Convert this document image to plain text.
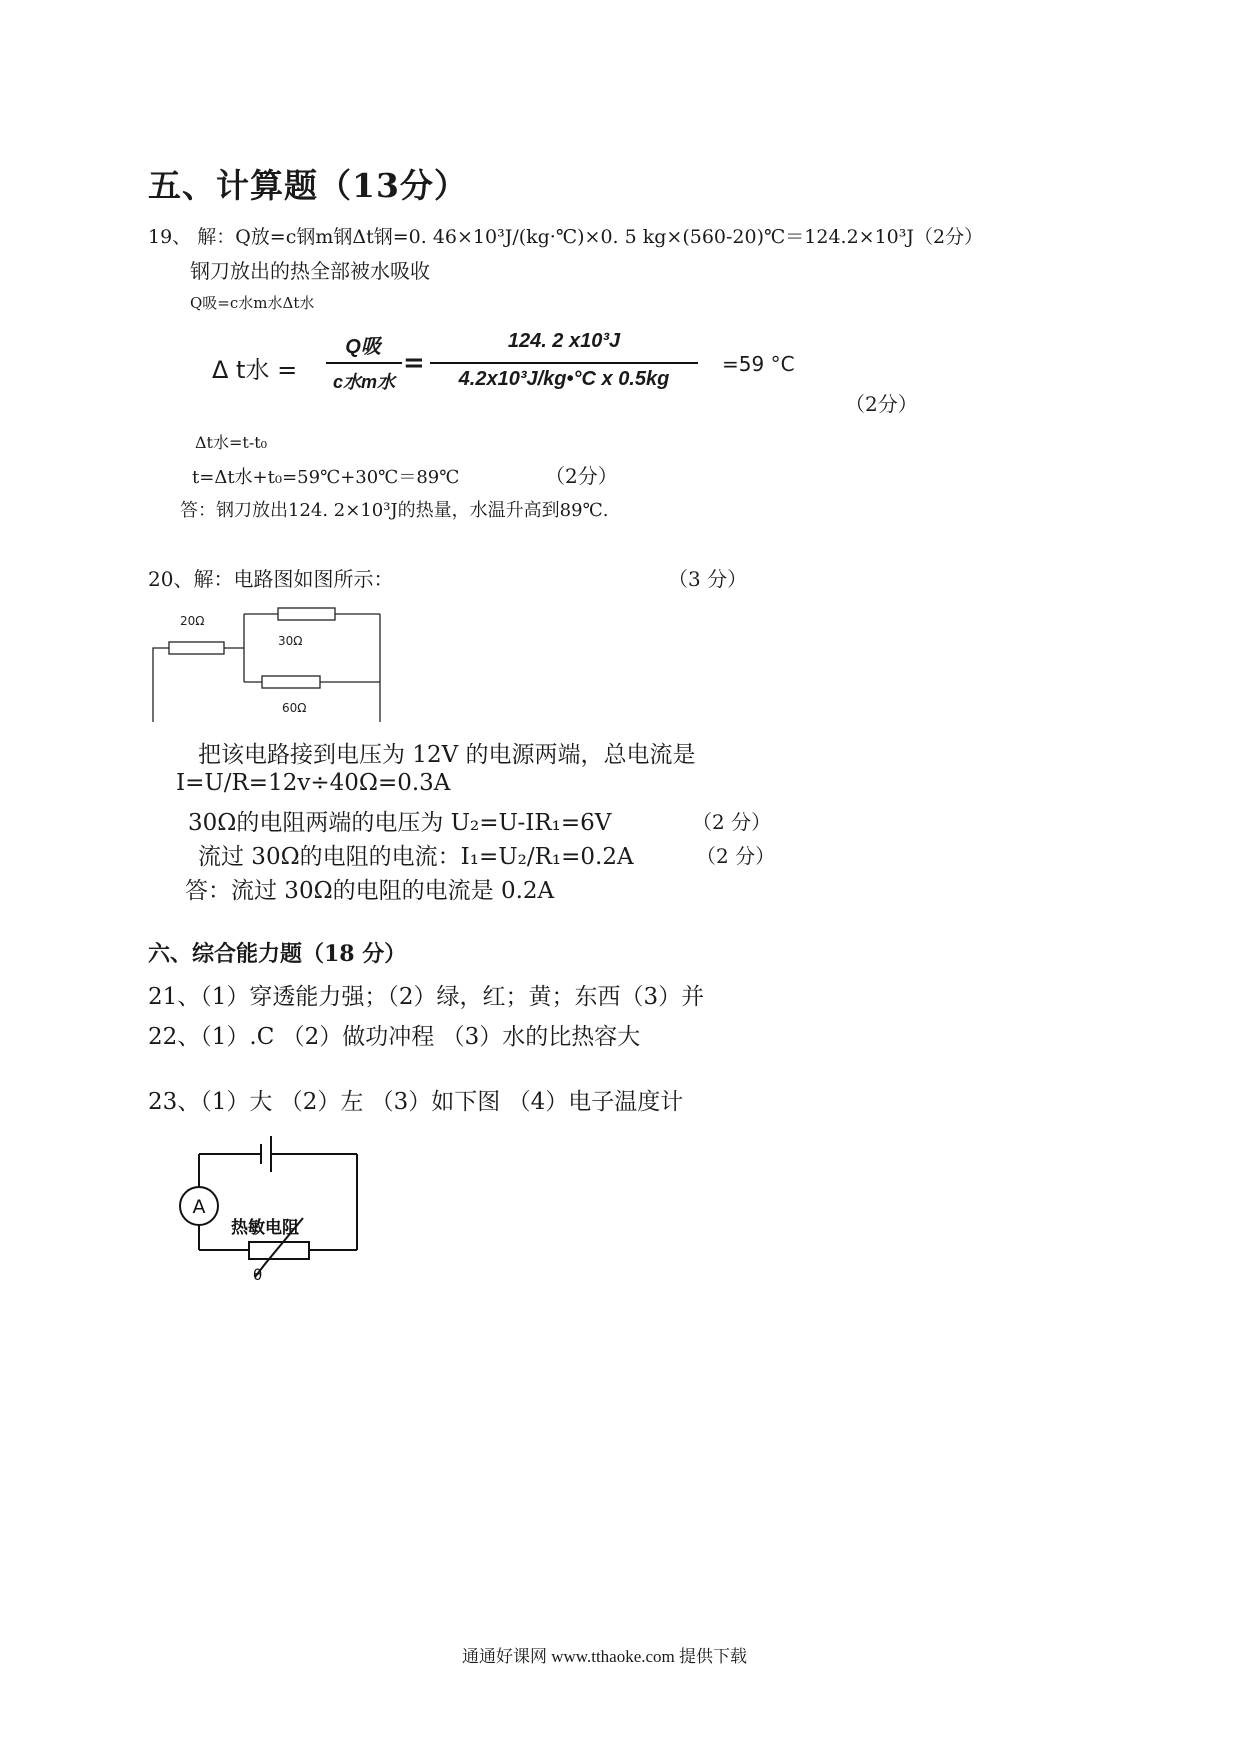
五、计算题（13分）
19、 解：Q放=c钢m钢Δt钢=0. 46×10³J/(kg·℃)×0. 5 kg×(560-20)℃＝124.2×10³J（2分）
钢刀放出的热全部被水吸收
Q吸=c水m水Δt水
Δ t水 =
Q吸
c水m水
=
124. 2 x10³J
4.2x10³J/kg•°C x 0.5kg
=59 °C
（2分）
Δt水=t-t₀
t=Δt水+t₀=59℃+30℃＝89℃	（2分）
答：钢刀放出124. 2×10³J的热量，水温升高到89℃.
20、解：电路图如图所示：	（3 分）
20Ω
30Ω
60Ω
把该电路接到电压为 12V 的电源两端，总电流是
I=U/R=12v÷40Ω=0.3A
30Ω的电阻两端的电压为 U₂=U-IR₁=6V	（2 分）
流过 30Ω的电阻的电流：I₁=U₂/R₁=0.2A	（2 分）
答：流过 30Ω的电阻的电流是 0.2A
六、综合能力题（18 分）
21、（1）穿透能力强；（2）绿，红；黄；东西（3）并
22、（1）.C （2）做功冲程 （3）水的比热容大
23、（1）大 （2）左 （3）如下图 （4）电子温度计
A
热敏电阻
θ
通通好课网 www.tthaoke.com 提供下载
